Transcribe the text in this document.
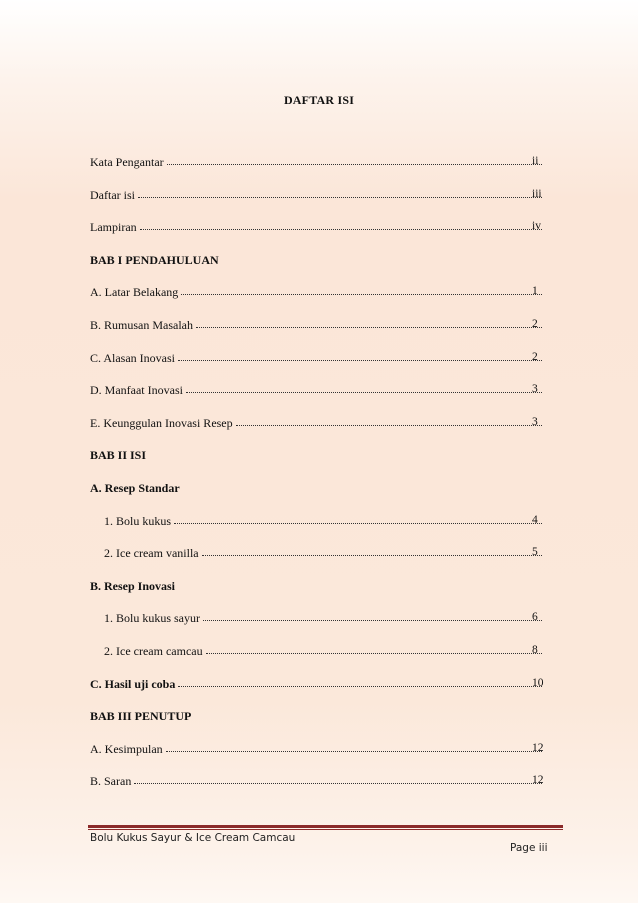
DAFTAR ISI
Kata Pengantar	ii
Daftar isi	iii
Lampiran	iv
BAB I PENDAHULUAN
A. Latar Belakang	1
B. Rumusan Masalah	2
C. Alasan Inovasi	2
D. Manfaat Inovasi	3
E. Keunggulan Inovasi Resep	3
BAB II ISI
A. Resep Standar
1. Bolu kukus	4
2. Ice cream vanilla	5
B. Resep Inovasi
1. Bolu kukus sayur	6
2. Ice cream camcau	8
C. Hasil uji coba	10
BAB III PENUTUP
A. Kesimpulan	12
B. Saran	12
Bolu Kukus Sayur & Ice Cream Camcau
Page iii
